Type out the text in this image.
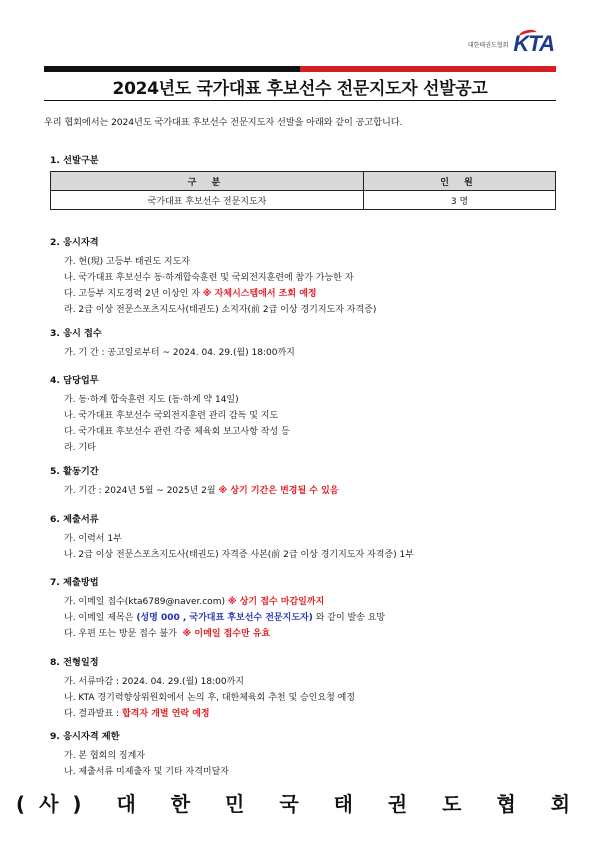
대한태권도협회 KTA
2024년도 국가대표 후보선수 전문지도자 선발공고
우리 협회에서는 2024년도 국가대표 후보선수 전문지도자 선발을 아래와 같이 공고합니다.
1. 선발구분
구 분	인 원
국가대표 후보선수 전문지도자	3 명
2. 응시자격
가. 현(現) 고등부 태권도 지도자
나. 국가대표 후보선수 동·하계합숙훈련 및 국외전지훈련에 참가 가능한 자
다. 고등부 지도경력 2년 이상인 자 ※ 자체시스템에서 조회 예정
라. 2급 이상 전문스포츠지도사(태권도) 소지자(前 2급 이상 경기지도자 자격증)
3. 응시 접수
가. 기 간 : 공고일로부터 ~ 2024. 04. 29.(월) 18:00까지
4. 담당업무
가. 동·하계 합숙훈련 지도 (동·하계 약 14일)
나. 국가대표 후보선수 국외전지훈련 관리 감독 및 지도
다. 국가대표 후보선수 관련 각종 체육회 보고사항 작성 등
라. 기타
5. 활동기간
가. 기간 : 2024년 5월 ~ 2025년 2월 ※ 상기 기간은 변경될 수 있음
6. 제출서류
가. 이력서 1부
나. 2급 이상 전문스포츠지도사(태권도) 자격증 사본(前 2급 이상 경기지도자 자격증) 1부
7. 제출방법
가. 이메일 접수(kta6789@naver.com) ※ 상기 접수 마감일까지
나. 이메일 제목은 (성명 000 , 국가대표 후보선수 전문지도자) 와 같이 발송 요망
다. 우편 또는 방문 접수 불가 ※ 이메일 접수만 유효
8. 전형일정
가. 서류마감 : 2024. 04. 29.(월) 18:00까지
나. KTA 경기력향상위원회에서 논의 후, 대한체육회 추천 및 승인요청 예정
다. 결과발표 : 합격자 개별 연락 예정
9. 응시자격 제한
가. 본 협회의 징계자
나. 제출서류 미제출자 및 기타 자격미달자
(사) 대 한 민 국 태 권 도 협 회
